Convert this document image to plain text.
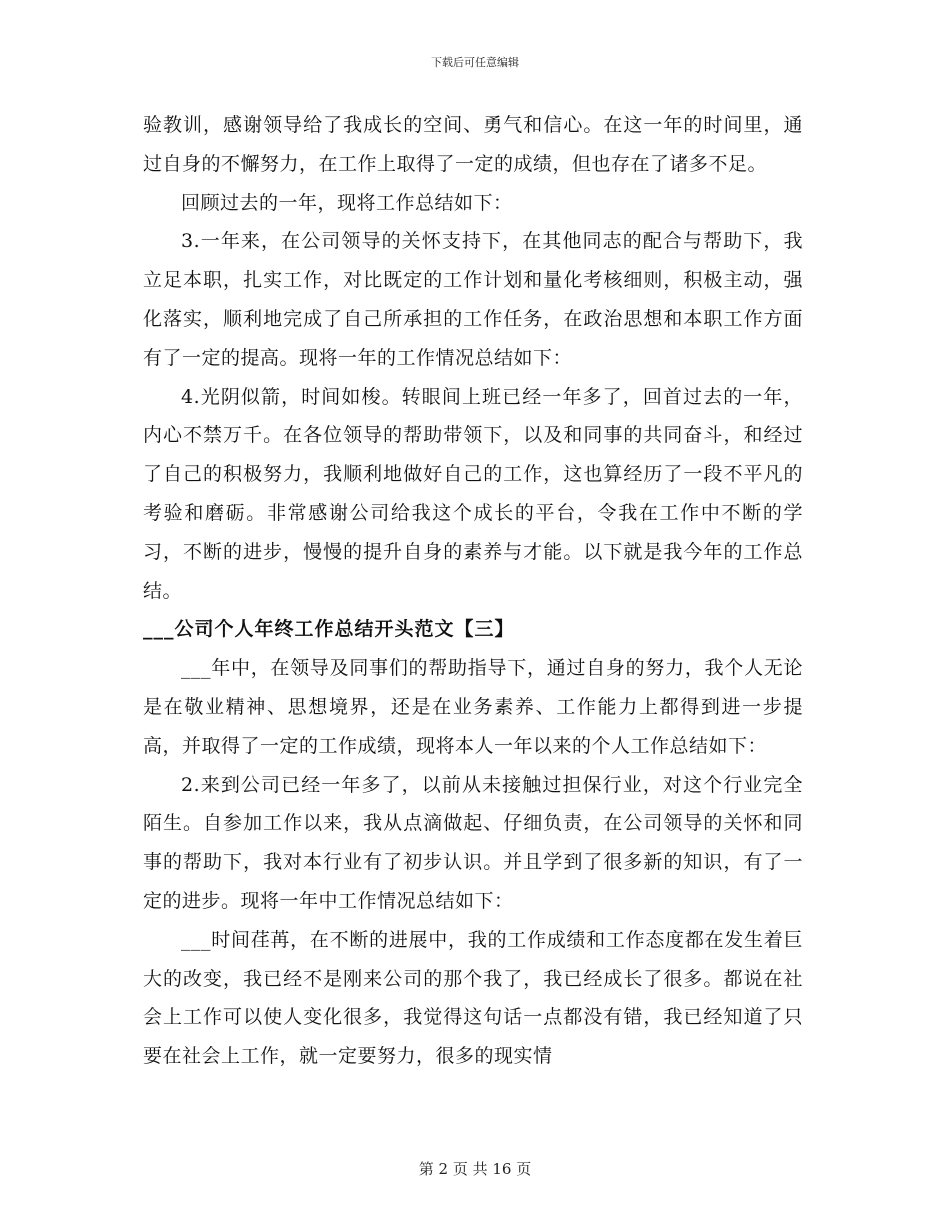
下载后可任意编辑

验教训，感谢领导给了我成长的空间、勇气和信心。在这一年的时间里，通过自身的不懈努力，在工作上取得了一定的成绩，但也存在了诸多不足。

回顾过去的一年，现将工作总结如下：

3.一年来，在公司领导的关怀支持下，在其他同志的配合与帮助下，我立足本职，扎实工作，对比既定的工作计划和量化考核细则，积极主动，强化落实，顺利地完成了自己所承担的工作任务，在政治思想和本职工作方面有了一定的提高。现将一年的工作情况总结如下：

4.光阴似箭，时间如梭。转眼间上班已经一年多了，回首过去的一年，内心不禁万千。在各位领导的帮助带领下，以及和同事的共同奋斗，和经过了自己的积极努力，我顺利地做好自己的工作，这也算经历了一段不平凡的考验和磨砺。非常感谢公司给我这个成长的平台，令我在工作中不断的学习，不断的进步，慢慢的提升自身的素养与才能。以下就是我今年的工作总结。

___公司个人年终工作总结开头范文【三】

___年中，在领导及同事们的帮助指导下，通过自身的努力，我个人无论是在敬业精神、思想境界，还是在业务素养、工作能力上都得到进一步提高，并取得了一定的工作成绩，现将本人一年以来的个人工作总结如下：

2.来到公司已经一年多了，以前从未接触过担保行业，对这个行业完全陌生。自参加工作以来，我从点滴做起、仔细负责，在公司领导的关怀和同事的帮助下，我对本行业有了初步认识。并且学到了很多新的知识，有了一定的进步。现将一年中工作情况总结如下：

___时间荏苒，在不断的进展中，我的工作成绩和工作态度都在发生着巨大的改变，我已经不是刚来公司的那个我了，我已经成长了很多。都说在社会上工作可以使人变化很多，我觉得这句话一点都没有错，我已经知道了只要在社会上工作，就一定要努力，很多的现实情

第 2 页 共 16 页
